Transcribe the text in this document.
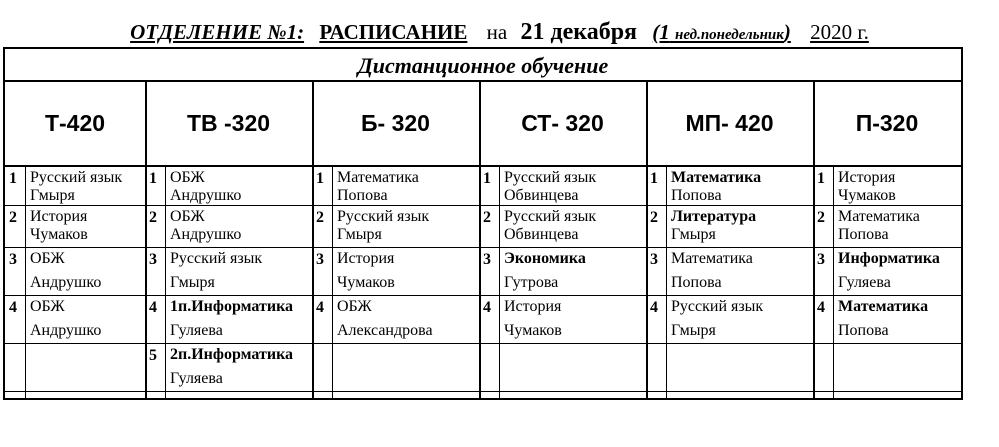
ОТДЕЛЕНИЕ №1: РАСПИСАНИЕ на 21 декабря (1 нед.понедельник) 2020 г.
Дистанционное обучение
Т-420
1 Русский язык
Гмыря
2 История
Чумаков
3 ОБЖ
Андрушко
4 ОБЖ
Андрушко
ТВ -320
1 ОБЖ
Андрушко
2 ОБЖ
Андрушко
3 Русский язык
Гмыря
4 1п.Информатика
Гуляева
5 2п.Информатика
Гуляева
Б- 320
1 Математика
Попова
2 Русский язык
Гмыря
3 История
Чумаков
4 ОБЖ
Александрова
СТ- 320
1 Русский язык
Обвинцева
2 Русский язык
Обвинцева
3 Экономика
Гутрова
4 История
Чумаков
МП- 420
1 Математика
Попова
2 Литература
Гмыря
3 Математика
Попова
4 Русский язык
Гмыря
П-320
1 История
Чумаков
2 Математика
Попова
3 Информатика
Гуляева
4 Математика
Попова
